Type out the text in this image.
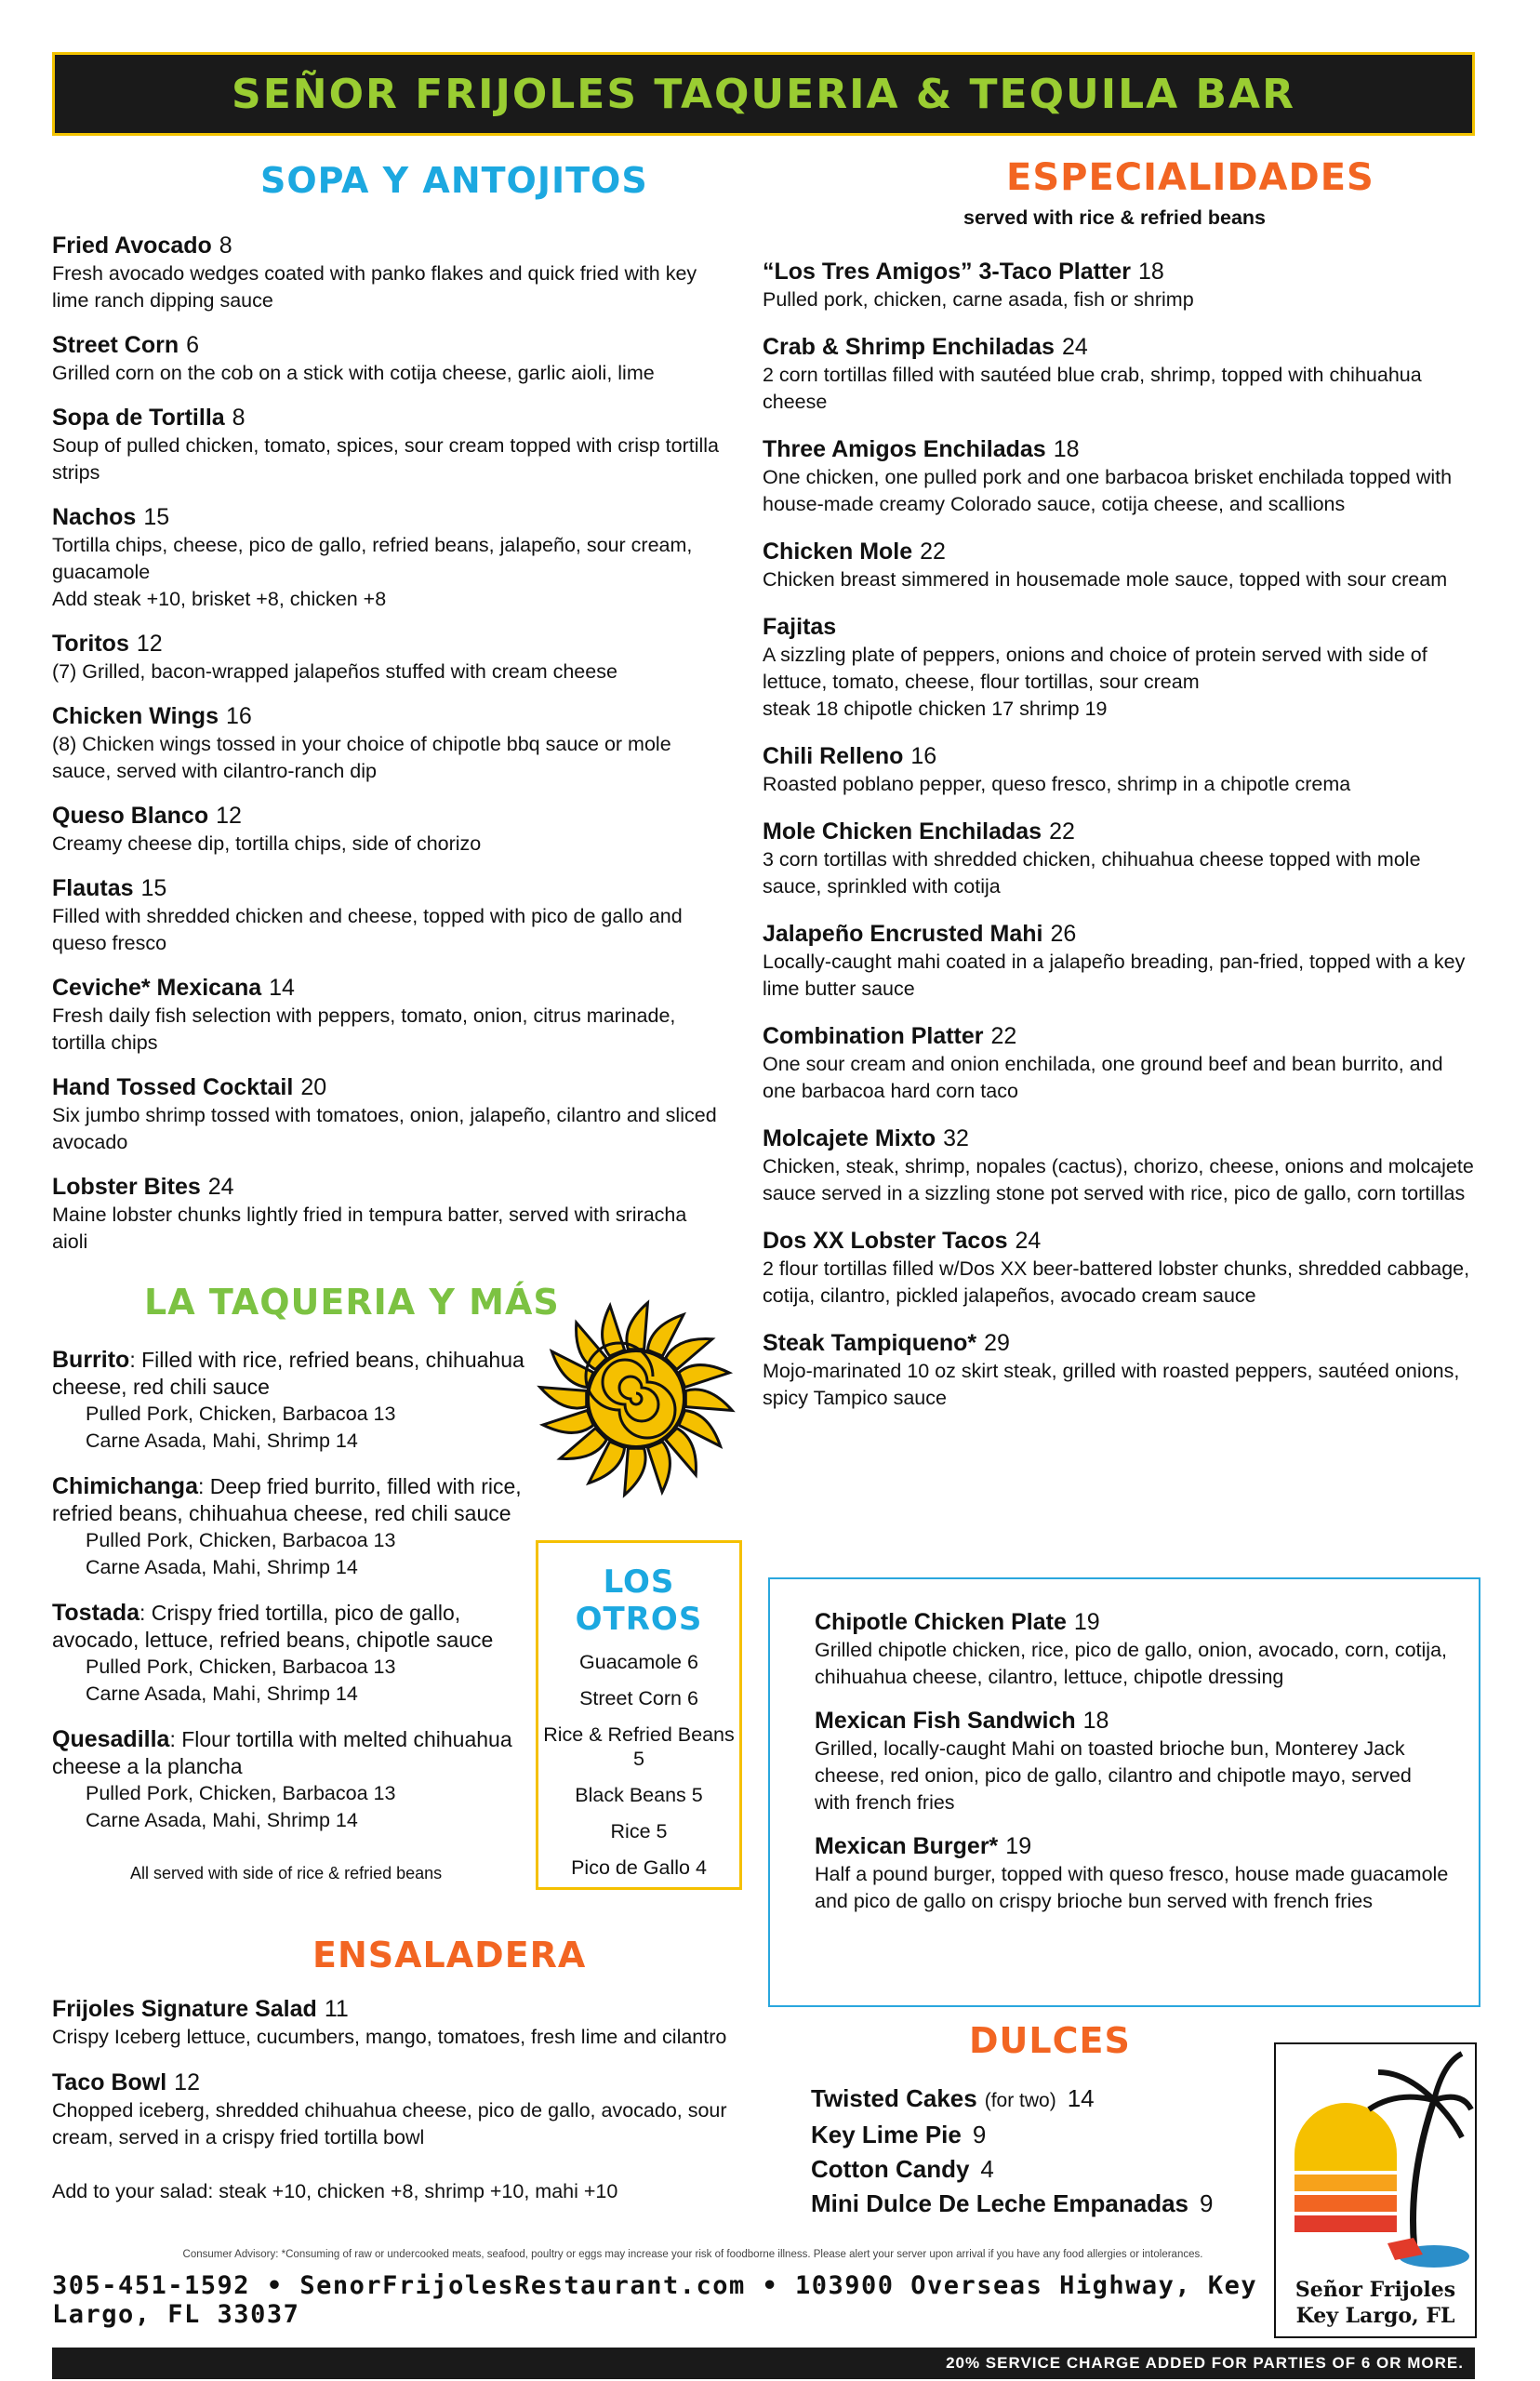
SEÑOR FRIJOLES TAQUERIA & TEQUILA BAR
SOPA Y ANTOJITOS
Fried Avocado 8
Fresh avocado wedges coated with panko flakes and quick fried with key lime ranch dipping sauce
Street Corn 6
Grilled corn on the cob on a stick with cotija cheese, garlic aioli, lime
Sopa de Tortilla 8
Soup of pulled chicken, tomato, spices, sour cream topped with crisp tortilla strips
Nachos 15
Tortilla chips, cheese, pico de gallo, refried beans, jalapeño, sour cream, guacamole
Add steak +10, brisket +8, chicken +8
Toritos 12
(7) Grilled, bacon-wrapped jalapeños stuffed with cream cheese
Chicken Wings 16
(8) Chicken wings tossed in your choice of chipotle bbq sauce or mole sauce, served with cilantro-ranch dip
Queso Blanco 12
Creamy cheese dip, tortilla chips, side of chorizo
Flautas 15
Filled with shredded chicken and cheese, topped with pico de gallo and queso fresco
Ceviche* Mexicana 14
Fresh daily fish selection with peppers, tomato, onion, citrus marinade, tortilla chips
Hand Tossed Cocktail 20
Six jumbo shrimp tossed with tomatoes, onion, jalapeño, cilantro and sliced avocado
Lobster Bites 24
Maine lobster chunks lightly fried in tempura batter, served with sriracha aioli
LA TAQUERIA Y MÁS
Burrito: Filled with rice, refried beans, chihuahua cheese, red chili sauce
Pulled Pork, Chicken, Barbacoa 13
Carne Asada, Mahi, Shrimp 14
Chimichanga: Deep fried burrito, filled with rice, refried beans, chihuahua cheese, red chili sauce
Pulled Pork, Chicken, Barbacoa 13
Carne Asada, Mahi, Shrimp 14
Tostada: Crispy fried tortilla, pico de gallo, avocado, lettuce, refried beans, chipotle sauce
Pulled Pork, Chicken, Barbacoa 13
Carne Asada, Mahi, Shrimp 14
Quesadilla: Flour tortilla with melted chihuahua cheese a la plancha
Pulled Pork, Chicken, Barbacoa 13
Carne Asada, Mahi, Shrimp 14
All served with side of rice & refried beans
LOS OTROS
Guacamole 6
Street Corn 6
Rice & Refried Beans 5
Black Beans 5
Rice 5
Pico de Gallo 4
ENSALADERA
Frijoles Signature Salad 11
Crispy Iceberg lettuce, cucumbers, mango, tomatoes, fresh lime and cilantro
Taco Bowl 12
Chopped iceberg, shredded chihuahua cheese, pico de gallo, avocado, sour cream, served in a crispy fried tortilla bowl
Add to your salad: steak +10, chicken +8, shrimp +10, mahi +10
ESPECIALIDADES
served with rice & refried beans
“Los Tres Amigos” 3-Taco Platter 18
Pulled pork, chicken, carne asada, fish or shrimp
Crab & Shrimp Enchiladas 24
2 corn tortillas filled with sautéed blue crab, shrimp, topped with chihuahua cheese
Three Amigos Enchiladas 18
One chicken, one pulled pork and one barbacoa brisket enchilada topped with house-made creamy Colorado sauce, cotija cheese, and scallions
Chicken Mole 22
Chicken breast simmered in housemade mole sauce, topped with sour cream
Fajitas
A sizzling plate of peppers, onions and choice of protein served with side of lettuce, tomato, cheese, flour tortillas, sour cream
steak 18 chipotle chicken 17 shrimp 19
Chili Relleno 16
Roasted poblano pepper, queso fresco, shrimp in a chipotle crema
Mole Chicken Enchiladas 22
3 corn tortillas with shredded chicken, chihuahua cheese topped with mole sauce, sprinkled with cotija
Jalapeño Encrusted Mahi 26
Locally-caught mahi coated in a jalapeño breading, pan-fried, topped with a key lime butter sauce
Combination Platter 22
One sour cream and onion enchilada, one ground beef and bean burrito, and one barbacoa hard corn taco
Molcajete Mixto 32
Chicken, steak, shrimp, nopales (cactus), chorizo, cheese, onions and molcajete sauce served in a sizzling stone pot served with rice, pico de gallo, corn tortillas
Dos XX Lobster Tacos 24
2 flour tortillas filled w/Dos XX beer-battered lobster chunks, shredded cabbage, cotija, cilantro, pickled jalapeños, avocado cream sauce
Steak Tampiqueno* 29
Mojo-marinated 10 oz skirt steak, grilled with roasted peppers, sautéed onions, spicy Tampico sauce
Chipotle Chicken Plate 19
Grilled chipotle chicken, rice, pico de gallo, onion, avocado, corn, cotija, chihuahua cheese, cilantro, lettuce, chipotle dressing
Mexican Fish Sandwich 18
Grilled, locally-caught Mahi on toasted brioche bun, Monterey Jack cheese, red onion, pico de gallo, cilantro and chipotle mayo, served with french fries
Mexican Burger* 19
Half a pound burger, topped with queso fresco, house made guacamole and pico de gallo on crispy brioche bun served with french fries
DULCES
Twisted Cakes (for two) 14
Key Lime Pie 9
Cotton Candy 4
Mini Dulce De Leche Empanadas 9
Señor Frijoles
Key Largo, FL
Consumer Advisory: *Consuming of raw or undercooked meats, seafood, poultry or eggs may increase your risk of foodborne illness. Please alert your server upon arrival if you have any food allergies or intolerances.
305-451-1592 • SenorFrijolesRestaurant.com • 103900 Overseas Highway, Key Largo, FL 33037
20% SERVICE CHARGE ADDED FOR PARTIES OF 6 OR MORE.
